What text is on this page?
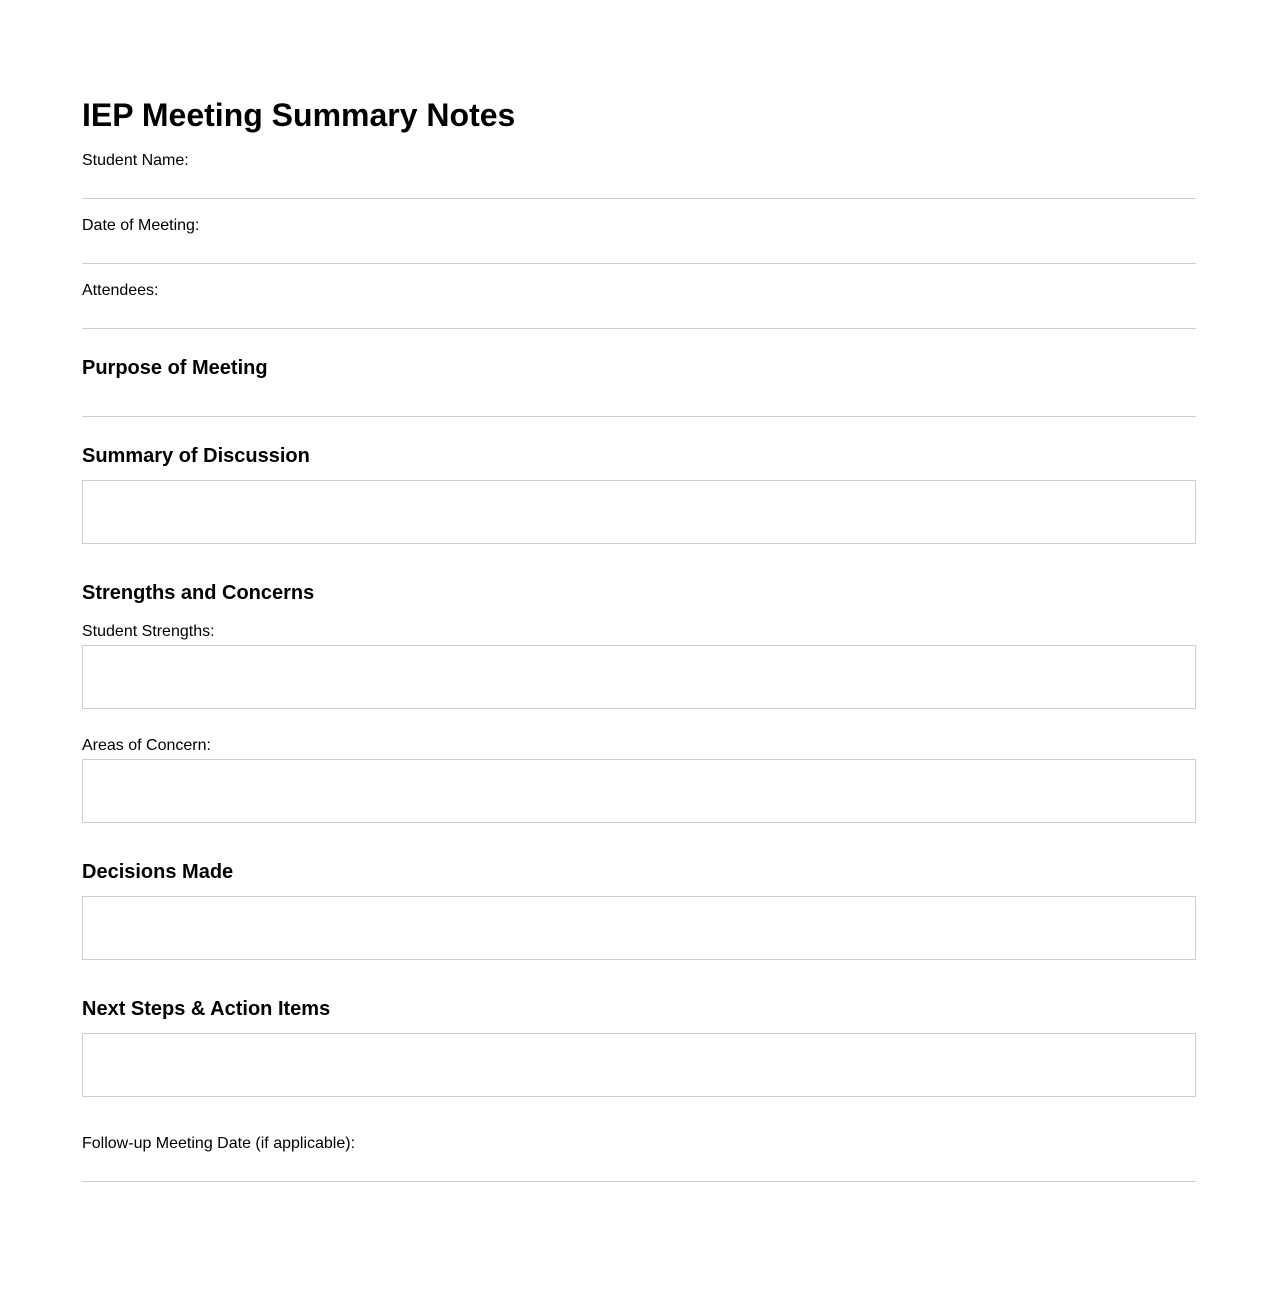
IEP Meeting Summary Notes
Student Name:
Date of Meeting:
Attendees:
Purpose of Meeting
Summary of Discussion
Strengths and Concerns
Student Strengths:
Areas of Concern:
Decisions Made
Next Steps & Action Items
Follow-up Meeting Date (if applicable):
